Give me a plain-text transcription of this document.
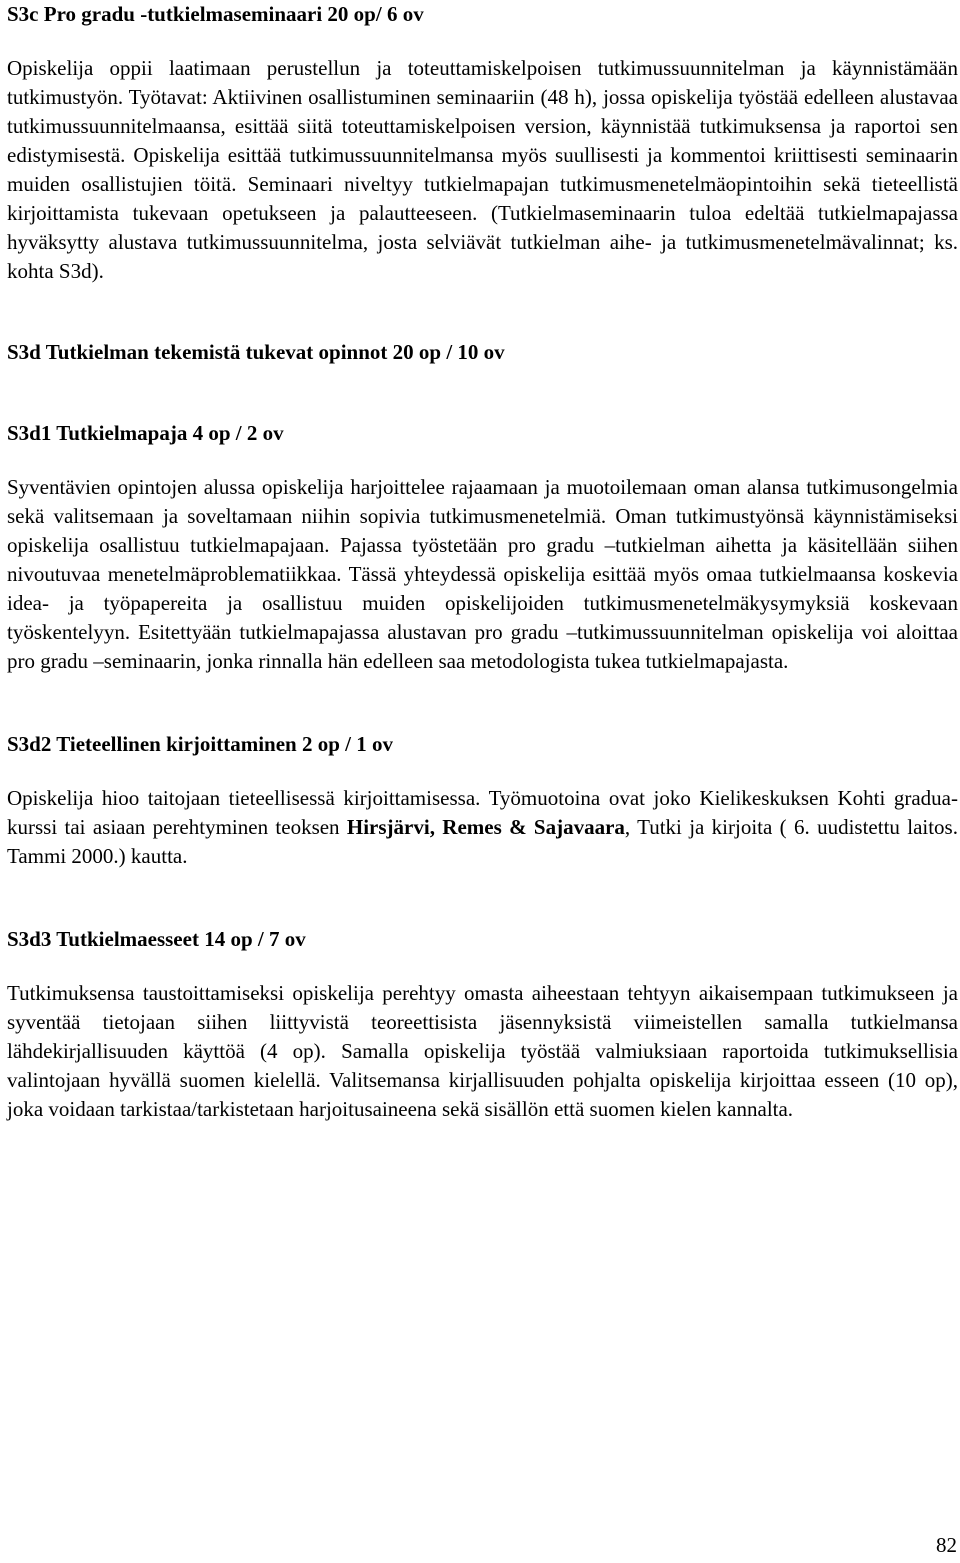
S3c Pro gradu -tutkielmaseminaari 20 op/ 6 ov

Opiskelija oppii laatimaan perustellun ja toteuttamiskelpoisen tutkimussuunnitelman ja käynnistämään tutkimustyön. Työtavat: Aktiivinen osallistuminen seminaariin (48 h), jossa opiskelija työstää edelleen alustavaa tutkimussuunnitelmaansa, esittää siitä toteuttamiskelpoisen version, käynnistää tutkimuksensa ja raportoi sen edistymisestä. Opiskelija esittää tutkimussuunnitelmansa myös suullisesti ja kommentoi kriittisesti seminaarin muiden osallistujien töitä. Seminaari niveltyy tutkielmapajan tutkimusmenetelmäopintoihin sekä tieteellistä kirjoittamista tukevaan opetukseen ja palautteeseen. (Tutkielmaseminaarin tuloa edeltää tutkielmapajassa hyväksytty alustava tutkimussuunnitelma, josta selviävät tutkielman aihe- ja tutkimusmenetelmävalinnat; ks. kohta S3d).

S3d Tutkielman tekemistä tukevat opinnot 20 op / 10 ov

S3d1 Tutkielmapaja 4 op / 2 ov

Syventävien opintojen alussa opiskelija harjoittelee rajaamaan ja muotoilemaan oman alansa tutkimusongelmia sekä valitsemaan ja soveltamaan niihin sopivia tutkimusmenetelmiä. Oman tutkimustyönsä käynnistämiseksi opiskelija osallistuu tutkielmapajaan. Pajassa työstetään pro gradu –tutkielman aihetta ja käsitellään siihen nivoutuvaa menetelmäproblematiikkaa. Tässä yhteydessä opiskelija esittää myös omaa tutkielmaansa koskevia idea- ja työpapereita ja osallistuu muiden opiskelijoiden tutkimusmenetelmäkysymyksiä koskevaan työskentelyyn. Esitettyään tutkielmapajassa alustavan pro gradu –tutkimussuunnitelman opiskelija voi aloittaa pro gradu –seminaarin, jonka rinnalla hän edelleen saa metodologista tukea tutkielmapajasta.

S3d2 Tieteellinen kirjoittaminen 2 op / 1 ov

Opiskelija hioo taitojaan tieteellisessä kirjoittamisessa. Työmuotoina ovat joko Kielikeskuksen Kohti gradua- kurssi tai asiaan perehtyminen teoksen Hirsjärvi, Remes & Sajavaara, Tutki ja kirjoita ( 6. uudistettu laitos. Tammi 2000.) kautta.

S3d3 Tutkielmaesseet 14 op / 7 ov

Tutkimuksensa taustoittamiseksi opiskelija perehtyy omasta aiheestaan tehtyyn aikaisempaan tutkimukseen ja syventää tietojaan siihen liittyvistä teoreettisista jäsennyksistä viimeistellen samalla tutkielmansa lähdekirjallisuuden käyttöä (4 op). Samalla opiskelija työstää valmiuksiaan raportoida tutkimuksellisia valintojaan hyvällä suomen kielellä. Valitsemansa kirjallisuuden pohjalta opiskelija kirjoittaa esseen (10 op), joka voidaan tarkistaa/tarkistetaan harjoitusaineena sekä sisällön että suomen kielen kannalta.

82
